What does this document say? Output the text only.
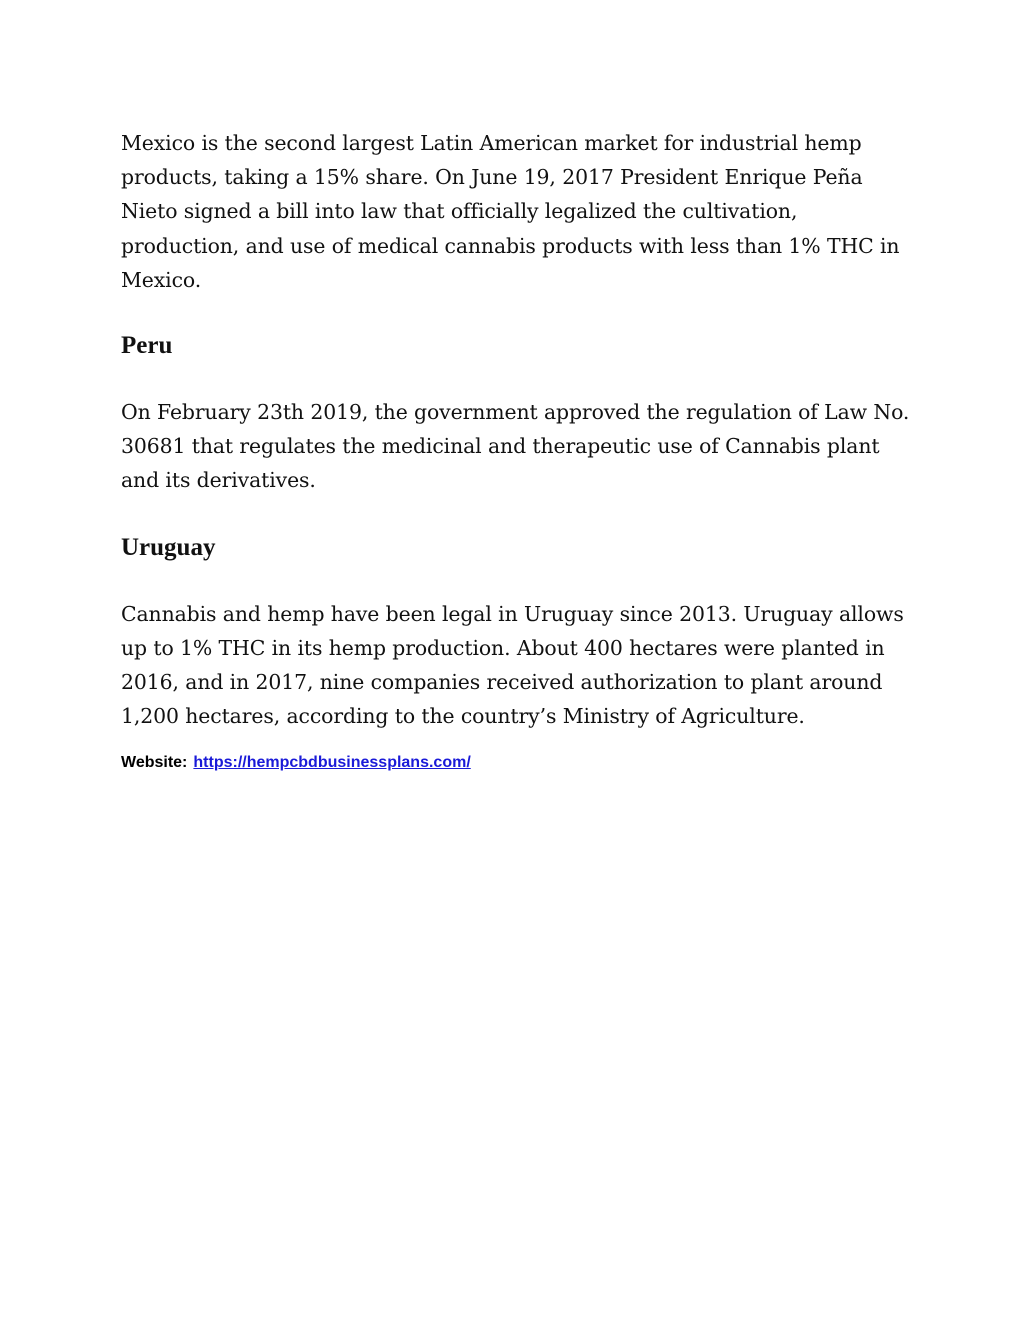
Mexico is the second largest Latin American market for industrial hemp products, taking a 15% share. On June 19, 2017 President Enrique Peña Nieto signed a bill into law that officially legalized the cultivation, production, and use of medical cannabis products with less than 1% THC in Mexico.

Peru

On February 23th 2019, the government approved the regulation of Law No. 30681 that regulates the medicinal and therapeutic use of Cannabis plant and its derivatives.

Uruguay

Cannabis and hemp have been legal in Uruguay since 2013. Uruguay allows up to 1% THC in its hemp production. About 400 hectares were planted in 2016, and in 2017, nine companies received authorization to plant around 1,200 hectares, according to the country’s Ministry of Agriculture.

Website: https://hempcbdbusinessplans.com/
